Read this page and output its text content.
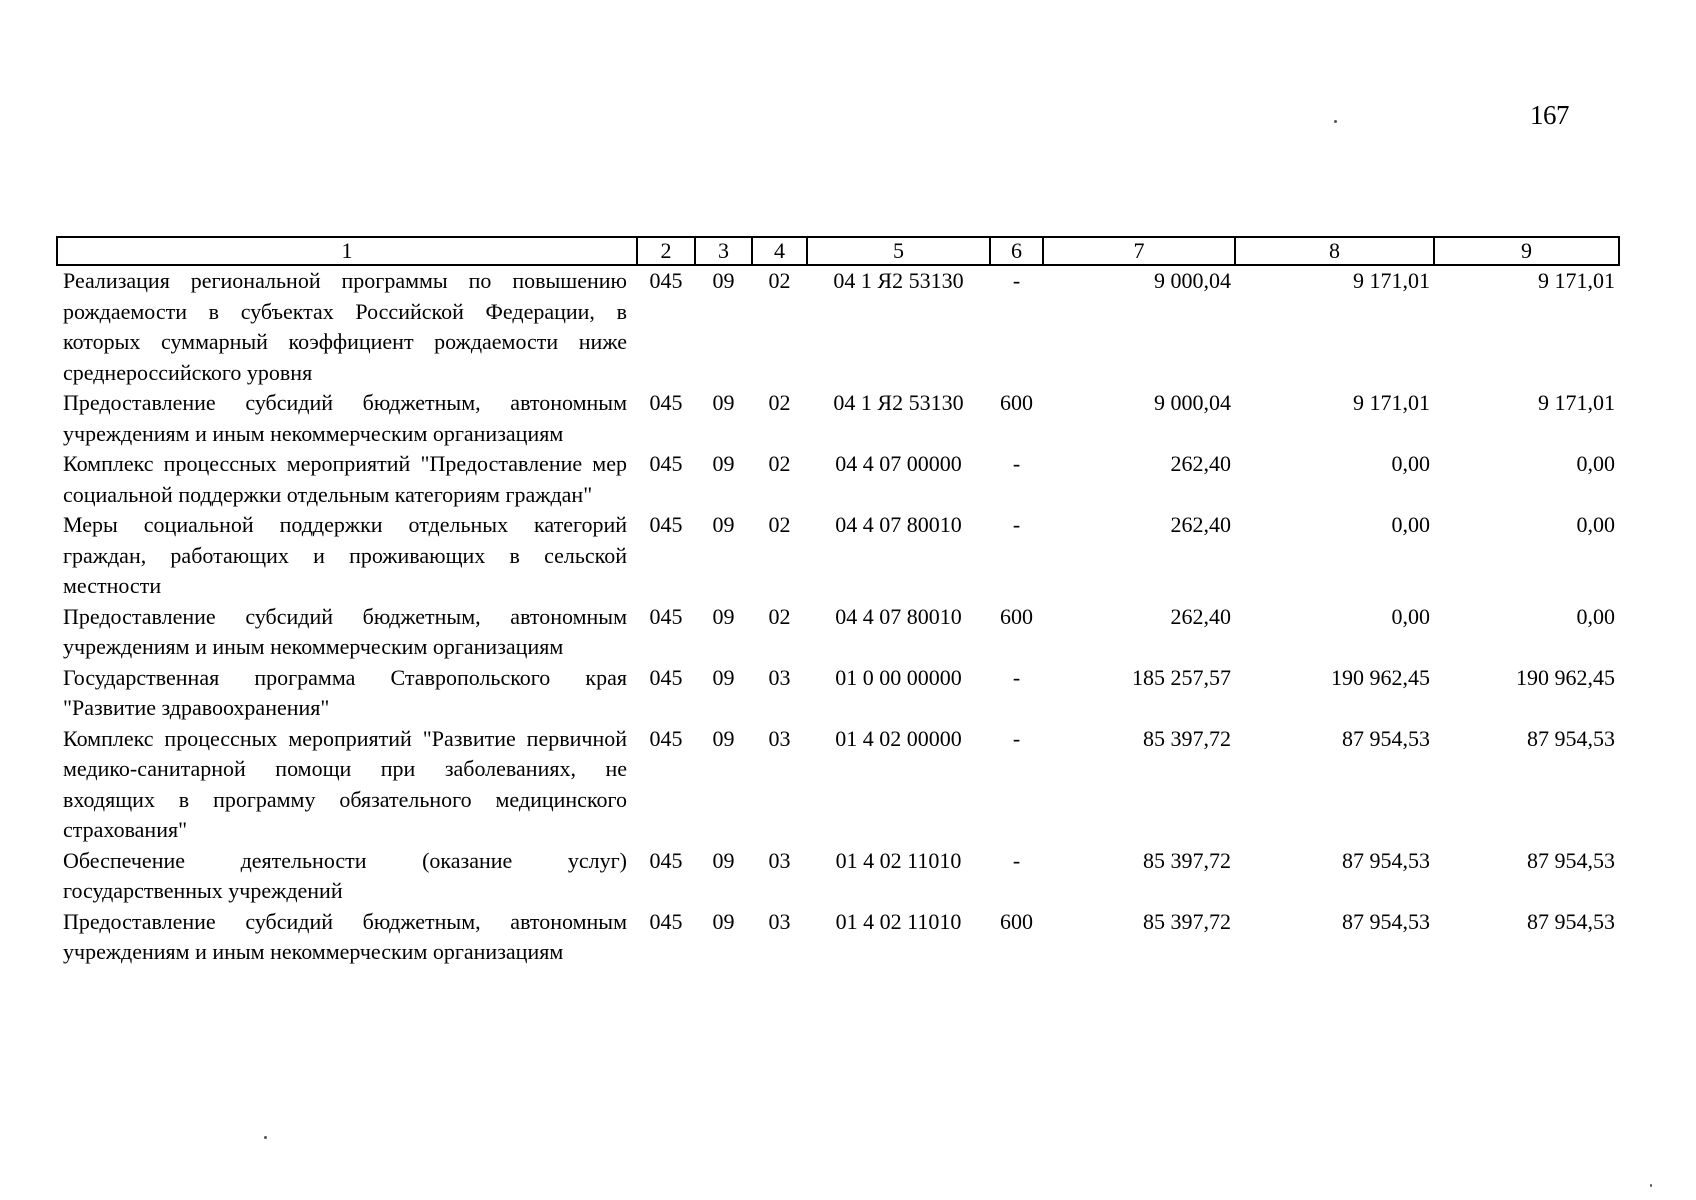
167
1	2	3	4	5	6	7	8	9
Реализация региональной программы по повышению рождаемости в субъектах Российской Федерации, в которых суммарный коэффициент рождаемости ниже среднероссийского уровня	045	09	02	04 1 Я2 53130	-	9 000,04	9 171,01	9 171,01
Предоставление субсидий бюджетным, автономным учреждениям и иным некоммерческим организациям	045	09	02	04 1 Я2 53130	600	9 000,04	9 171,01	9 171,01
Комплекс процессных мероприятий "Предоставление мер социальной поддержки отдельным категориям граждан"	045	09	02	04 4 07 00000	-	262,40	0,00	0,00
Меры социальной поддержки отдельных категорий граждан, работающих и проживающих в сельской местности	045	09	02	04 4 07 80010	-	262,40	0,00	0,00
Предоставление субсидий бюджетным, автономным учреждениям и иным некоммерческим организациям	045	09	02	04 4 07 80010	600	262,40	0,00	0,00
Государственная программа Ставропольского края "Развитие здравоохранения"	045	09	03	01 0 00 00000	-	185 257,57	190 962,45	190 962,45
Комплекс процессных мероприятий "Развитие первичной медико-санитарной помощи при заболеваниях, не входящих в программу обязательного медицинского страхования"	045	09	03	01 4 02 00000	-	85 397,72	87 954,53	87 954,53
Обеспечение деятельности (оказание услуг) государственных учреждений	045	09	03	01 4 02 11010	-	85 397,72	87 954,53	87 954,53
Предоставление субсидий бюджетным, автономным учреждениям и иным некоммерческим организациям	045	09	03	01 4 02 11010	600	85 397,72	87 954,53	87 954,53
